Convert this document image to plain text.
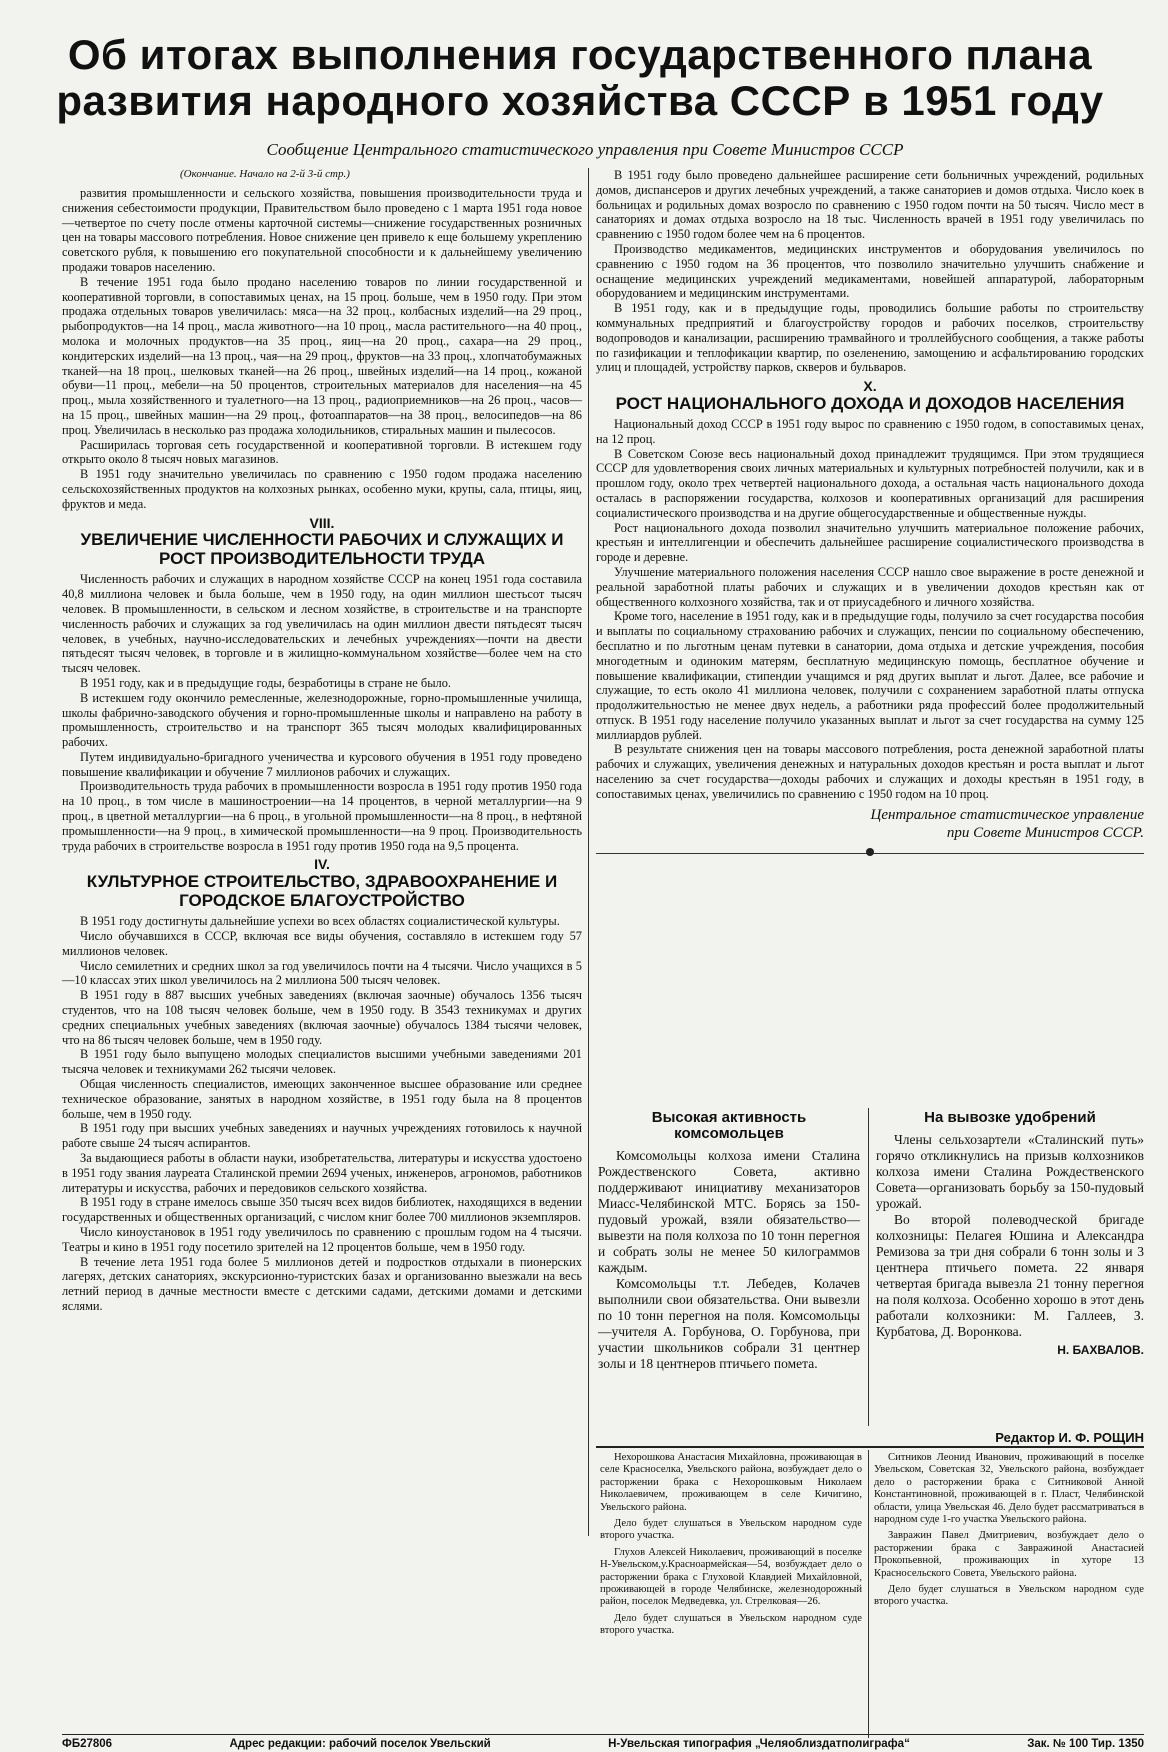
Об итогах выполнения государственного плана
развития народного хозяйства СССР в 1951 году
Сообщение Центрального статистического управления при Совете Министров СССР
(Окончание. Начало на 2-й 3-й стр.)

развития промышленности и сельского хозяйства, повышения производительности труда и снижения себестоимости продукции, Правительством было проведено с 1 марта 1951 года новое—четвертое по счету после отмены карточной системы—снижение государственных розничных цен на товары массового потребления. Новое снижение цен привело к еще большему укреплению советского рубля, к повышению его покупательной способности и к дальнейшему увеличению продажи товаров населению.

В течение 1951 года было продано населению товаров по линии государственной и кооперативной торговли, в сопоставимых ценах, на 15 проц. больше, чем в 1950 году. При этом продажа отдельных товаров увеличилась: мяса—на 32 проц., колбасных изделий—на 29 проц., рыбопродуктов—на 14 проц., масла животного—на 10 проц., масла растительного—на 40 проц., молока и молочных продуктов—на 35 проц., яиц—на 20 проц., сахара—на 29 проц., кондитерских изделий—на 13 проц., чая—на 29 проц., фруктов—на 33 проц., хлопчатобумажных тканей—на 18 проц., шелковых тканей—на 26 проц., швейных изделий—на 14 проц., кожаной обуви—11 проц., мебели—на 50 процентов, строительных материалов для населения—на 45 проц., мыла хозяйственного и туалетного—на 13 проц., радиоприемников—на 26 проц., часов—на 15 проц., швейных машин—на 29 проц., фотоаппаратов—на 38 проц., велосипедов—на 86 проц. Увеличилась в несколько раз продажа холодильников, стиральных машин и пылесосов.

Расширилась торговая сеть государственной и кооперативной торговли. В истекшем году открыто около 8 тысяч новых магазинов.

В 1951 году значительно увеличилась по сравнению с 1950 годом продажа населению сельскохозяйственных продуктов на колхозных рынках, особенно муки, крупы, сала, птицы, яиц, фруктов и меда.

VIII.
УВЕЛИЧЕНИЕ ЧИСЛЕННОСТИ РАБОЧИХ И СЛУЖАЩИХ И РОСТ ПРОИЗВОДИТЕЛЬНОСТИ ТРУДА

Численность рабочих и служащих в народном хозяйстве СССР на конец 1951 года составила 40,8 миллиона человек и была больше, чем в 1950 году, на один миллион шестьсот тысяч человек. В промышленности, в сельском и лесном хозяйстве, в строительстве и на транспорте численность рабочих и служащих за год увеличилась на один миллион двести пятьдесят тысяч человек, в учебных, научно-исследовательских и лечебных учреждениях—почти на двести пятьдесят тысяч человек, в торговле и в жилищно-коммунальном хозяйстве—более чем на сто тысяч человек.

В 1951 году, как и в предыдущие годы, безработицы в стране не было.

В истекшем году окончило ремесленные, железнодорожные, горно-промышленные училища, школы фабрично-заводского обучения и горно-промышленные школы и направлено на работу в промышленность, строительство и на транспорт 365 тысяч молодых квалифицированных рабочих.

Путем индивидуально-бригадного ученичества и курсового обучения в 1951 году проведено повышение квалификации и обучение 7 миллионов рабочих и служащих.

Производительность труда рабочих в промышленности возросла в 1951 году против 1950 года на 10 проц., в том числе в машиностроении—на 14 процентов, в черной металлургии—на 9 проц., в цветной металлургии—на 6 проц., в угольной промышленности—на 8 проц., в нефтяной промышленности—на 9 проц., в химической промышленности—на 9 проц. Производительность труда рабочих в строительстве возросла в 1951 году против 1950 года на 9,5 процента.

IV.
КУЛЬТУРНОЕ СТРОИТЕЛЬСТВО, ЗДРАВООХРАНЕНИЕ И ГОРОДСКОЕ БЛАГОУСТРОЙСТВО

В 1951 году достигнуты дальнейшие успехи во всех областях социалистической культуры.

Число обучавшихся в СССР, включая все виды обучения, составляло в истекшем году 57 миллионов человек.

Число семилетних и средних школ за год увеличилось почти на 4 тысячи. Число учащихся в 5—10 классах этих школ увеличилось на 2 миллиона 500 тысяч человек.

В 1951 году в 887 высших учебных заведениях (включая заочные) обучалось 1356 тысяч студентов, что на 108 тысяч человек больше, чем в 1950 году. В 3543 техникумах и других средних специальных учебных заведениях (включая заочные) обучалось 1384 тысячи человек, что на 86 тысяч человек больше, чем в 1950 году.

В 1951 году было выпущено молодых специалистов высшими учебными заведениями 201 тысяча человек и техникумами 262 тысячи человек.

Общая численность специалистов, имеющих законченное высшее образование или среднее техническое образование, занятых в народном хозяйстве, в 1951 году была на 8 процентов больше, чем в 1950 году.

В 1951 году при высших учебных заведениях и научных учреждениях готовилось к научной работе свыше 24 тысяч аспирантов.

За выдающиеся работы в области науки, изобретательства, литературы и искусства удостоено в 1951 году звания лауреата Сталинской премии 2694 ученых, инженеров, агрономов, работников литературы и искусства, рабочих и передовиков сельского хозяйства.

В 1951 году в стране имелось свыше 350 тысяч всех видов библиотек, находящихся в ведении государственных и общественных организаций, с числом книг более 700 миллионов экземпляров.

Число киноустановок в 1951 году увеличилось по сравнению с прошлым годом на 4 тысячи. Театры и кино в 1951 году посетило зрителей на 12 процентов больше, чем в 1950 году.

В течение лета 1951 года более 5 миллионов детей и подростков отдыхали в пионерских лагерях, детских санаториях, экскурсионно-туристских базах и организованно выезжали на весь летний период в дачные местности вместе с детскими садами, детскими домами и детскими яслями.

В 1951 году было проведено дальнейшее расширение сети больничных учреждений, родильных домов, диспансеров и других лечебных учреждений, а также санаториев и домов отдыха. Число коек в больницах и родильных домах возросло по сравнению с 1950 годом почти на 50 тысяч. Число мест в санаториях и домах отдыха возросло на 18 тыс. Численность врачей в 1951 году увеличилась по сравнению с 1950 годом более чем на 6 процентов.

Производство медикаментов, медицинских инструментов и оборудования увеличилось по сравнению с 1950 годом на 36 процентов, что позволило значительно улучшить снабжение и оснащение медицинских учреждений медикаментами, новейшей аппаратурой, лабораторным оборудованием и медицинским инструментами.

В 1951 году, как и в предыдущие годы, проводились большие работы по строительству коммунальных предприятий и благоустройству городов и рабочих поселков, строительству водопроводов и канализации, расширению трамвайного и троллейбусного сообщения, а также работы по газификации и теплофикации квартир, по озеленению, замощению и асфальтированию городских улиц и площадей, устройству парков, скверов и бульваров.

X.
РОСТ НАЦИОНАЛЬНОГО ДОХОДА И ДОХОДОВ НАСЕЛЕНИЯ

Национальный доход СССР в 1951 году вырос по сравнению с 1950 годом, в сопоставимых ценах, на 12 проц.

В Советском Союзе весь национальный доход принадлежит трудящимся. При этом трудящиеся СССР для удовлетворения своих личных материальных и культурных потребностей получили, как и в прошлом году, около трех четвертей национального дохода, а остальная часть национального дохода осталась в распоряжении государства, колхозов и кооперативных организаций для расширения социалистического производства и на другие общегосударственные и общественные нужды.

Рост национального дохода позволил значительно улучшить материальное положение рабочих, крестьян и интеллигенции и обеспечить дальнейшее расширение социалистического производства в городе и деревне.

Улучшение материального положения населения СССР нашло свое выражение в росте денежной и реальной заработной платы рабочих и служащих и в увеличении доходов крестьян как от общественного колхозного хозяйства, так и от приусадебного и личного хозяйства.

Кроме того, население в 1951 году, как и в предыдущие годы, получило за счет государства пособия и выплаты по социальному страхованию рабочих и служащих, пенсии по социальному обеспечению, бесплатно и по льготным ценам путевки в санатории, дома отдыха и детские учреждения, пособия многодетным и одиноким матерям, бесплатную медицинскую помощь, бесплатное обучение и повышение квалификации, стипендии учащимся и ряд других выплат и льгот. Далее, все рабочие и служащие, то есть около 41 миллиона человек, получили с сохранением заработной платы отпуска продолжительностью не менее двух недель, а работники ряда профессий более продолжительный отпуск. В 1951 году население получило указанных выплат и льгот за счет государства на сумму 125 миллиардов рублей.

В результате снижения цен на товары массового потребления, роста денежной заработной платы рабочих и служащих, увеличения денежных и натуральных доходов крестьян и роста выплат и льгот населению за счет государства—доходы рабочих и служащих и доходы крестьян в 1951 году, в сопоставимых ценах, увеличились по сравнению с 1950 годом на 10 проц.

Центральное статистическое управление
при Совете Министров СССР.
Высокая активность комсомольцев

Комсомольцы колхоза имени Сталина Рождественского Совета, активно поддерживают инициативу механизаторов Миасс-Челябинской МТС. Борясь за 150-пудовый урожай, взяли обязательство—вывезти на поля колхоза по 10 тонн перегноя и собрать золы не менее 50 килограммов каждым.

Комсомольцы т.т. Лебедев, Колачев выполнили свои обязательства. Они вывезли по 10 тонн перегноя на поля. Комсомольцы—учителя А. Горбунова, О. Горбунова, при участии школьников собрали 31 центнер золы и 18 центнеров птичьего помета.

На вывозке удобрений

Члены сельхозартели «Сталинский путь» горячо откликнулись на призыв колхозников колхоза имени Сталина Рождественского Совета—организовать борьбу за 150-пудовый урожай.

Во второй полеводческой бригаде колхозницы: Пелагея Юшина и Александра Ремизова за три дня собрали 6 тонн золы и 3 центнера птичьего помета. 22 января четвертая бригада вывезла 21 тонну перегноя на поля колхоза. Особенно хорошо в этот день работали колхозники: М. Галлеев, З. Курбатова, Д. Воронкова.

Н. БАХВАЛОВ.
Редактор И. Ф. РОЩИН

Нехорошкова Анастасия Михайловна, проживающая в селе Красноселка, Увельского района, возбуждает дело о расторжении брака с Нехорошковым Николаем Николаевичем, проживающем в селе Кичигино, Увельского района.

Дело будет слушаться в Увельском народном суде второго участка.

Глухов Алексей Николаевич, проживающий в поселке Н-Увельском,у.Красноармейская—54, возбуждает дело о расторжении брака с Глуховой Клавдией Михайловной, проживающей в городе Челябинске, железнодорожный район, поселок Медведевка, ул. Стрелковая—26.

Дело будет слушаться в Увельском народном суде второго участка.

Ситников Леонид Иванович, проживающий в поселке Увельском, Советская 32, Увельского района, возбуждает дело о расторжении брака с Ситниковой Анной Константиновной, проживающей в г. Пласт, Челябинской области, улица Увельская 46. Дело будет рассматриваться в народном суде 1-го участка Увельского района.

Завражин Павел Дмитриевич, возбуждает дело о расторжении брака с Завражиной Анастасией Прокопьевной, проживающих in хуторе 13 Красносельского Совета, Увельского района.

Дело будет слушаться в Увельском народном суде второго участка.

ФБ27806	Адрес редакции: рабочий поселок Увельский	Н-Увельская типография „Челяоблиздатполиграфа“	Зак. № 100 Тир. 1350
